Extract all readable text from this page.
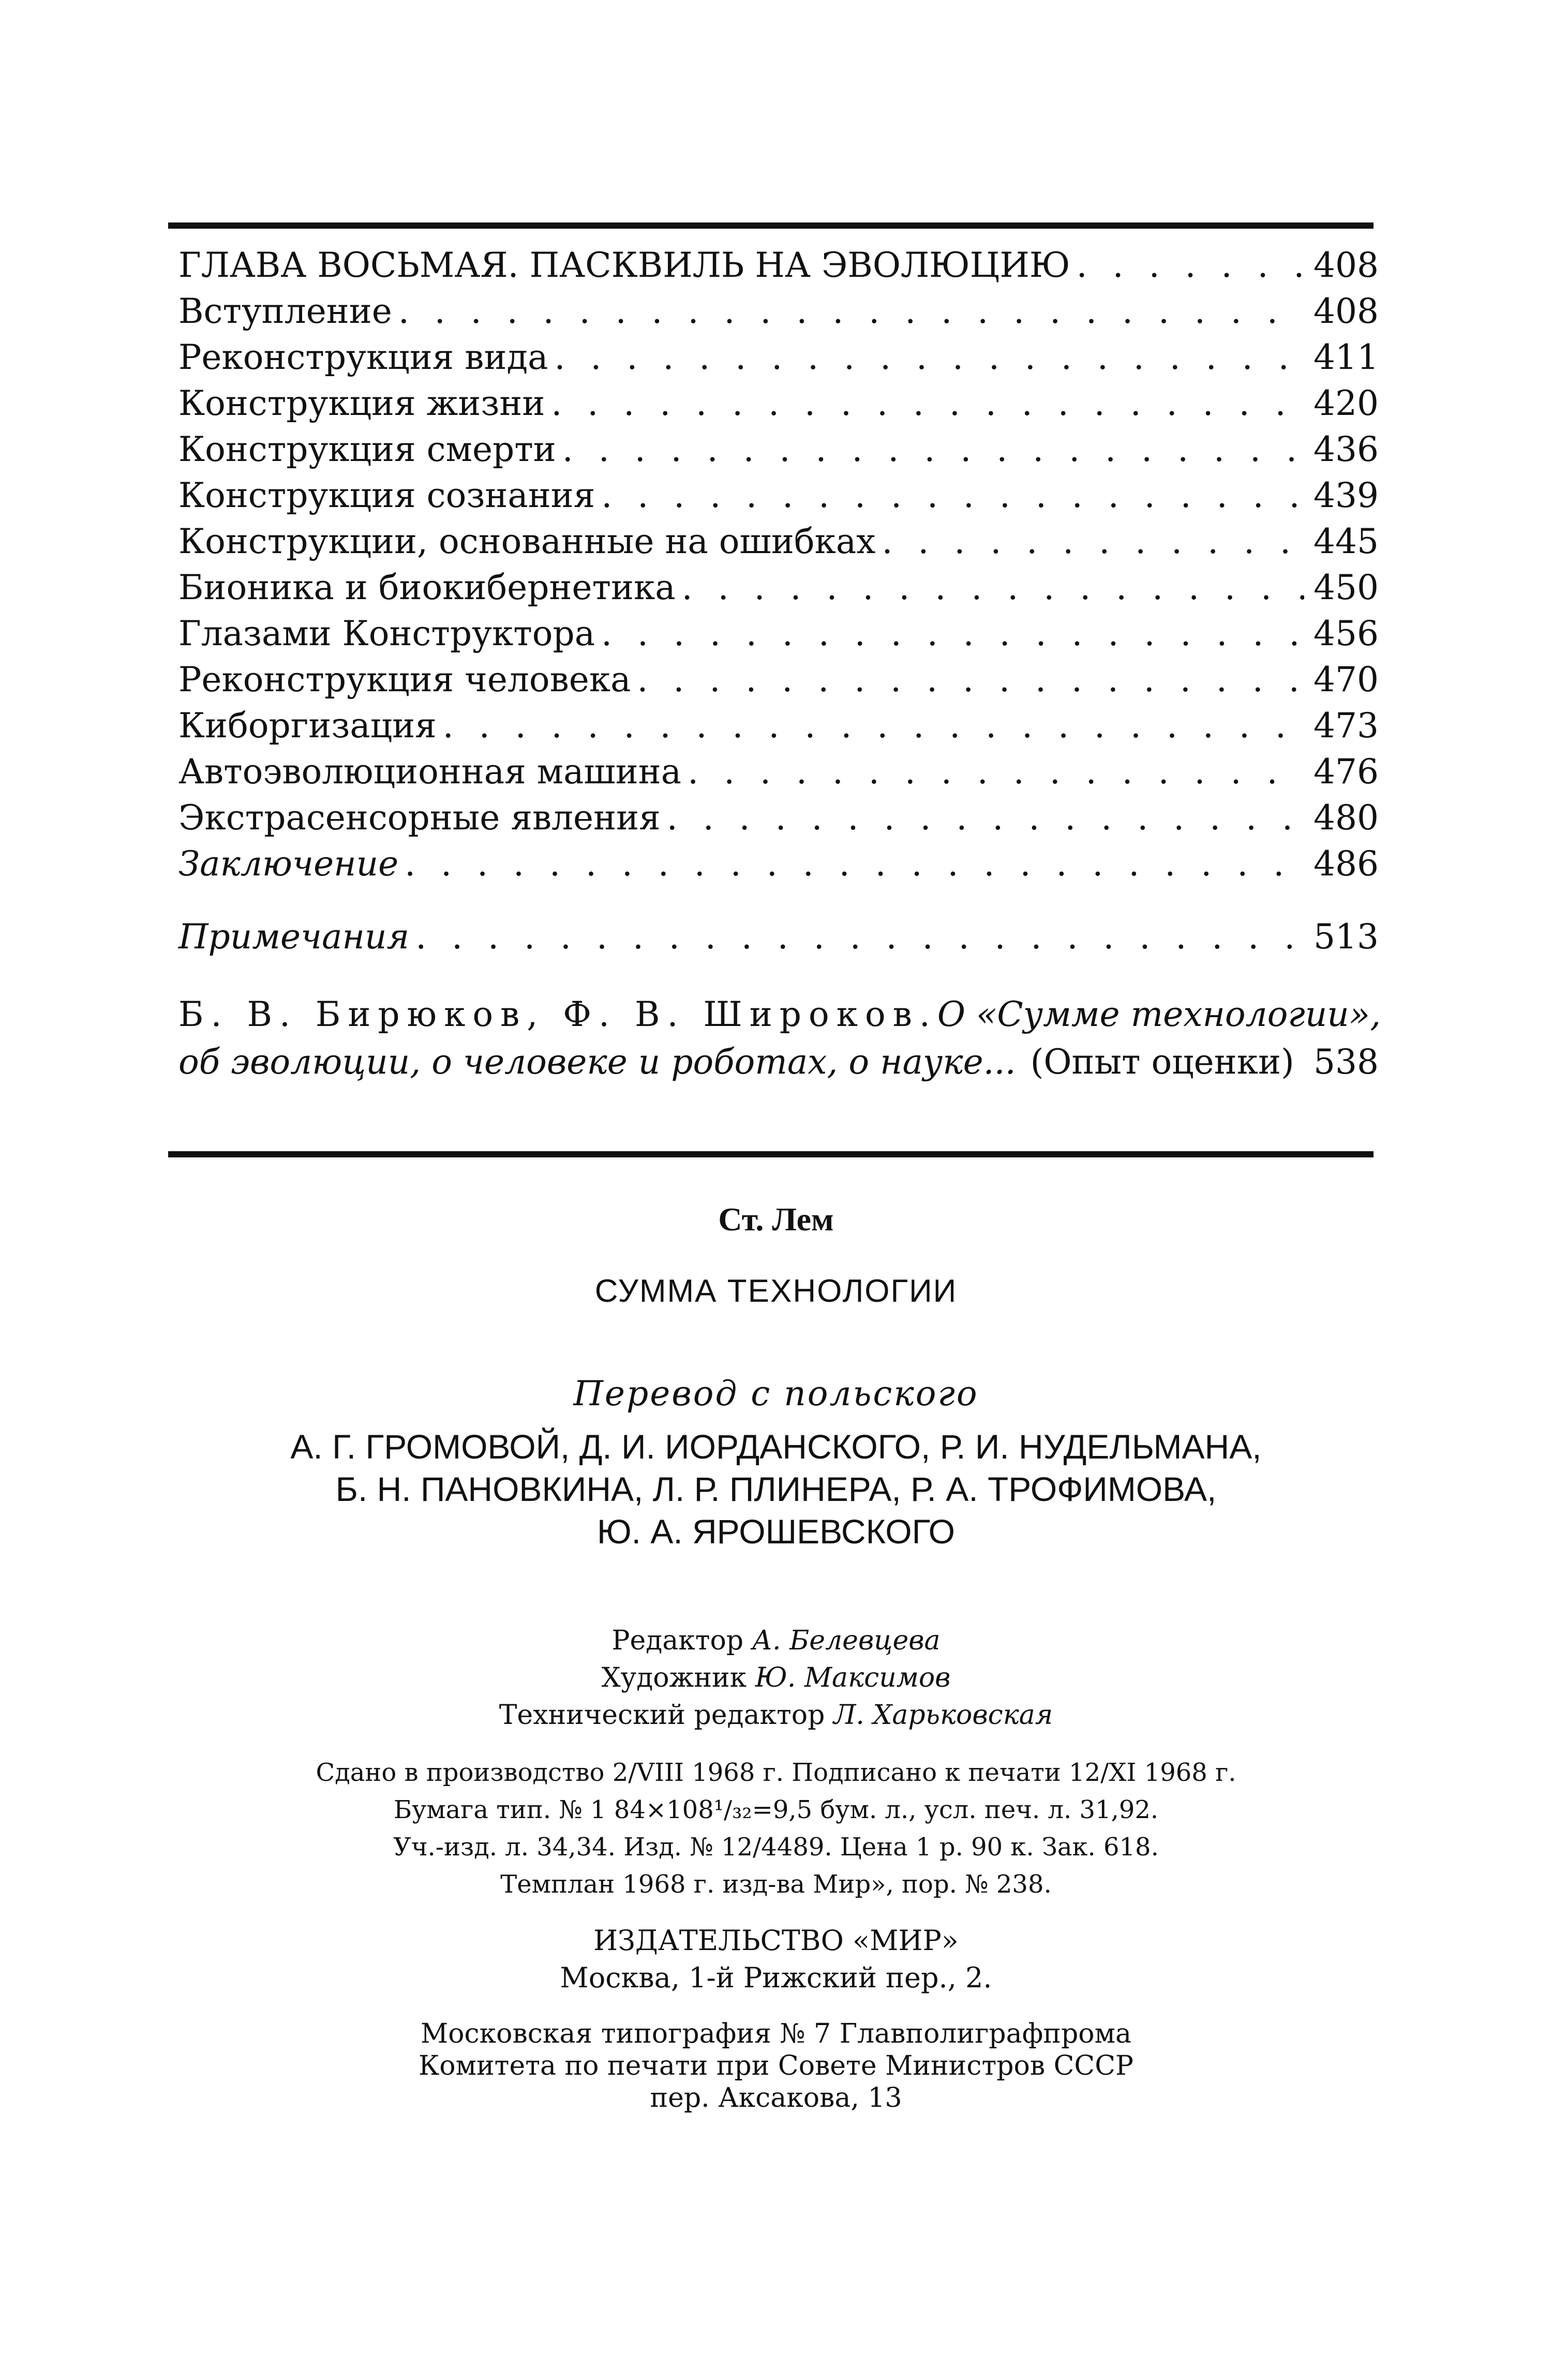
ГЛАВА ВОСЬМАЯ. ПАСКВИЛЬ НА ЭВОЛЮЦИЮ . . .	408
Вступление . . .	408
Реконструкция вида . . .	411
Конструкция жизни . . .	420
Конструкция смерти . . .	436
Конструкция сознания . . .	439
Конструкции, основанные на ошибках . . .	445
Бионика и биокибернетика . . .	450
Глазами Конструктора . . .	456
Реконструкция человека . . .	470
Киборгизация . . .	473
Автоэволюционная машина . . .	476
Экстрасенсорные явления . . .	480
Заключение . . .	486
Примечания . . .	513
Б. В. Бирюков, Ф. В. Широков. О «Сумме технологии»,
об эволюции, о человеке и роботах, о науке... (Опыт оценки) 538
Ст. Лем
СУММА ТЕХНОЛОГИИ
Перевод с польского
А. Г. ГРОМОВОЙ, Д. И. ИОРДАНСКОГО, Р. И. НУДЕЛЬМАНА,
Б. Н. ПАНОВКИНА, Л. Р. ПЛИНЕРА, Р. А. ТРОФИМОВА,
Ю. А. ЯРОШЕВСКОГО
Редактор А. Белевцева
Художник Ю. Максимов
Технический редактор Л. Харьковская
Сдано в производство 2/VIII 1968 г. Подписано к печати 12/XI 1968 г.
Бумага тип. № 1 84×108¹/₃₂=9,5 бум. л., усл. печ. л. 31,92.
Уч.-изд. л. 34,34. Изд. № 12/4489. Цена 1 р. 90 к. Зак. 618.
Темплан 1968 г. изд-ва Мир», пор. № 238.
ИЗДАТЕЛЬСТВО «МИР»
Москва, 1-й Рижский пер., 2.
Московская типография № 7 Главполиграфпрома
Комитета по печати при Совете Министров СССР
пер. Аксакова, 13
